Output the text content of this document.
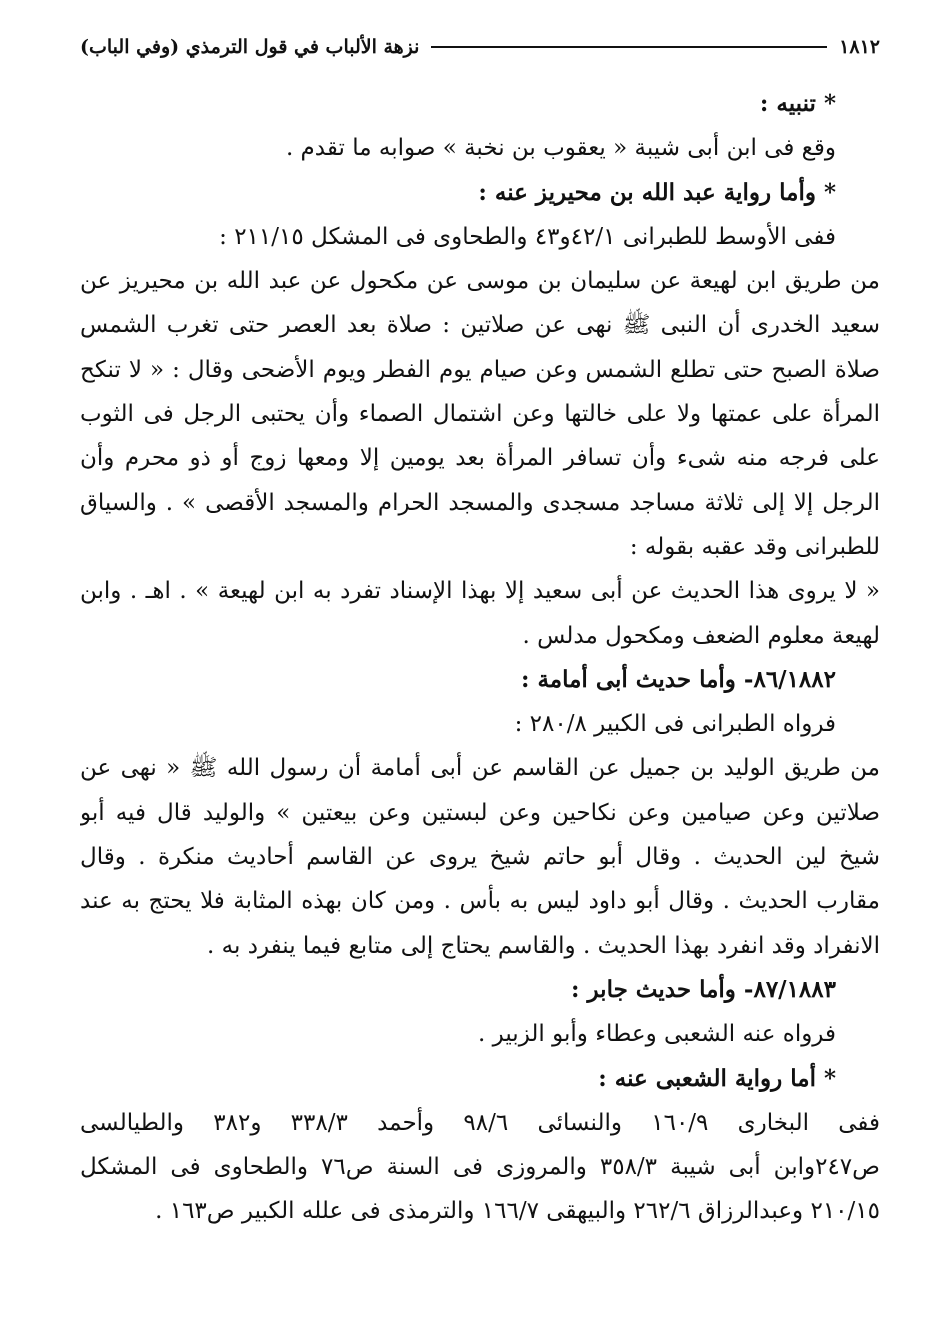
١٨١٢
نزهة الألباب في قول الترمذي (وفي الباب)
* تنبيه :
وقع فى ابن أبى شيبة « يعقوب بن نخبة » صوابه ما تقدم .
* وأما رواية عبد الله بن محيريز عنه :
ففى الأوسط للطبرانى ٤٢/١و٤٣ والطحاوى فى المشكل ٢١١/١٥ :
من طريق ابن لهيعة عن سليمان بن موسى عن مكحول عن عبد الله بن محيريز عن
سعيد الخدرى أن النبى ﷺ نهى عن صلاتين : صلاة بعد العصر حتى تغرب الشمس
صلاة الصبح حتى تطلع الشمس وعن صيام يوم الفطر ويوم الأضحى وقال : « لا تنكح
المرأة على عمتها ولا على خالتها وعن اشتمال الصماء وأن يحتبى الرجل فى الثوب
على فرجه منه شىء وأن تسافر المرأة بعد يومين إلا ومعها زوج أو ذو محرم وأن
الرجل إلا إلى ثلاثة مساجد مسجدى والمسجد الحرام والمسجد الأقصى » . والسياق
للطبرانى وقد عقبه بقوله :
« لا يروى هذا الحديث عن أبى سعيد إلا بهذا الإسناد تفرد به ابن لهيعة » . اهـ . وابن
لهيعة معلوم الضعف ومكحول مدلس .
٨٦/١٨٨٢- وأما حديث أبى أمامة :
فرواه الطبرانى فى الكبير ٢٨٠/٨ :
من طريق الوليد بن جميل عن القاسم عن أبى أمامة أن رسول الله ﷺ « نهى عن
صلاتين وعن صيامين وعن نكاحين وعن لبستين وعن بيعتين » والوليد قال فيه أبو
شيخ لين الحديث . وقال أبو حاتم شيخ يروى عن القاسم أحاديث منكرة . وقال
مقارب الحديث . وقال أبو داود ليس به بأس . ومن كان بهذه المثابة فلا يحتج به عند
الانفراد وقد انفرد بهذا الحديث . والقاسم يحتاج إلى متابع فيما ينفرد به .
٨٧/١٨٨٣- وأما حديث جابر :
فرواه عنه الشعبى وعطاء وأبو الزبير .
* أما رواية الشعبى عنه :
ففى البخارى ١٦٠/٩ والنسائى ٩٨/٦ وأحمد ٣٣٨/٣ و٣٨٢ والطيالسى
ص٢٤٧وابن أبى شيبة ٣٥٨/٣ والمروزى فى السنة ص٧٦ والطحاوى فى المشكل
٢١٠/١٥ وعبدالرزاق ٢٦٢/٦ والبيهقى ١٦٦/٧ والترمذى فى علله الكبير ص١٦٣ .
